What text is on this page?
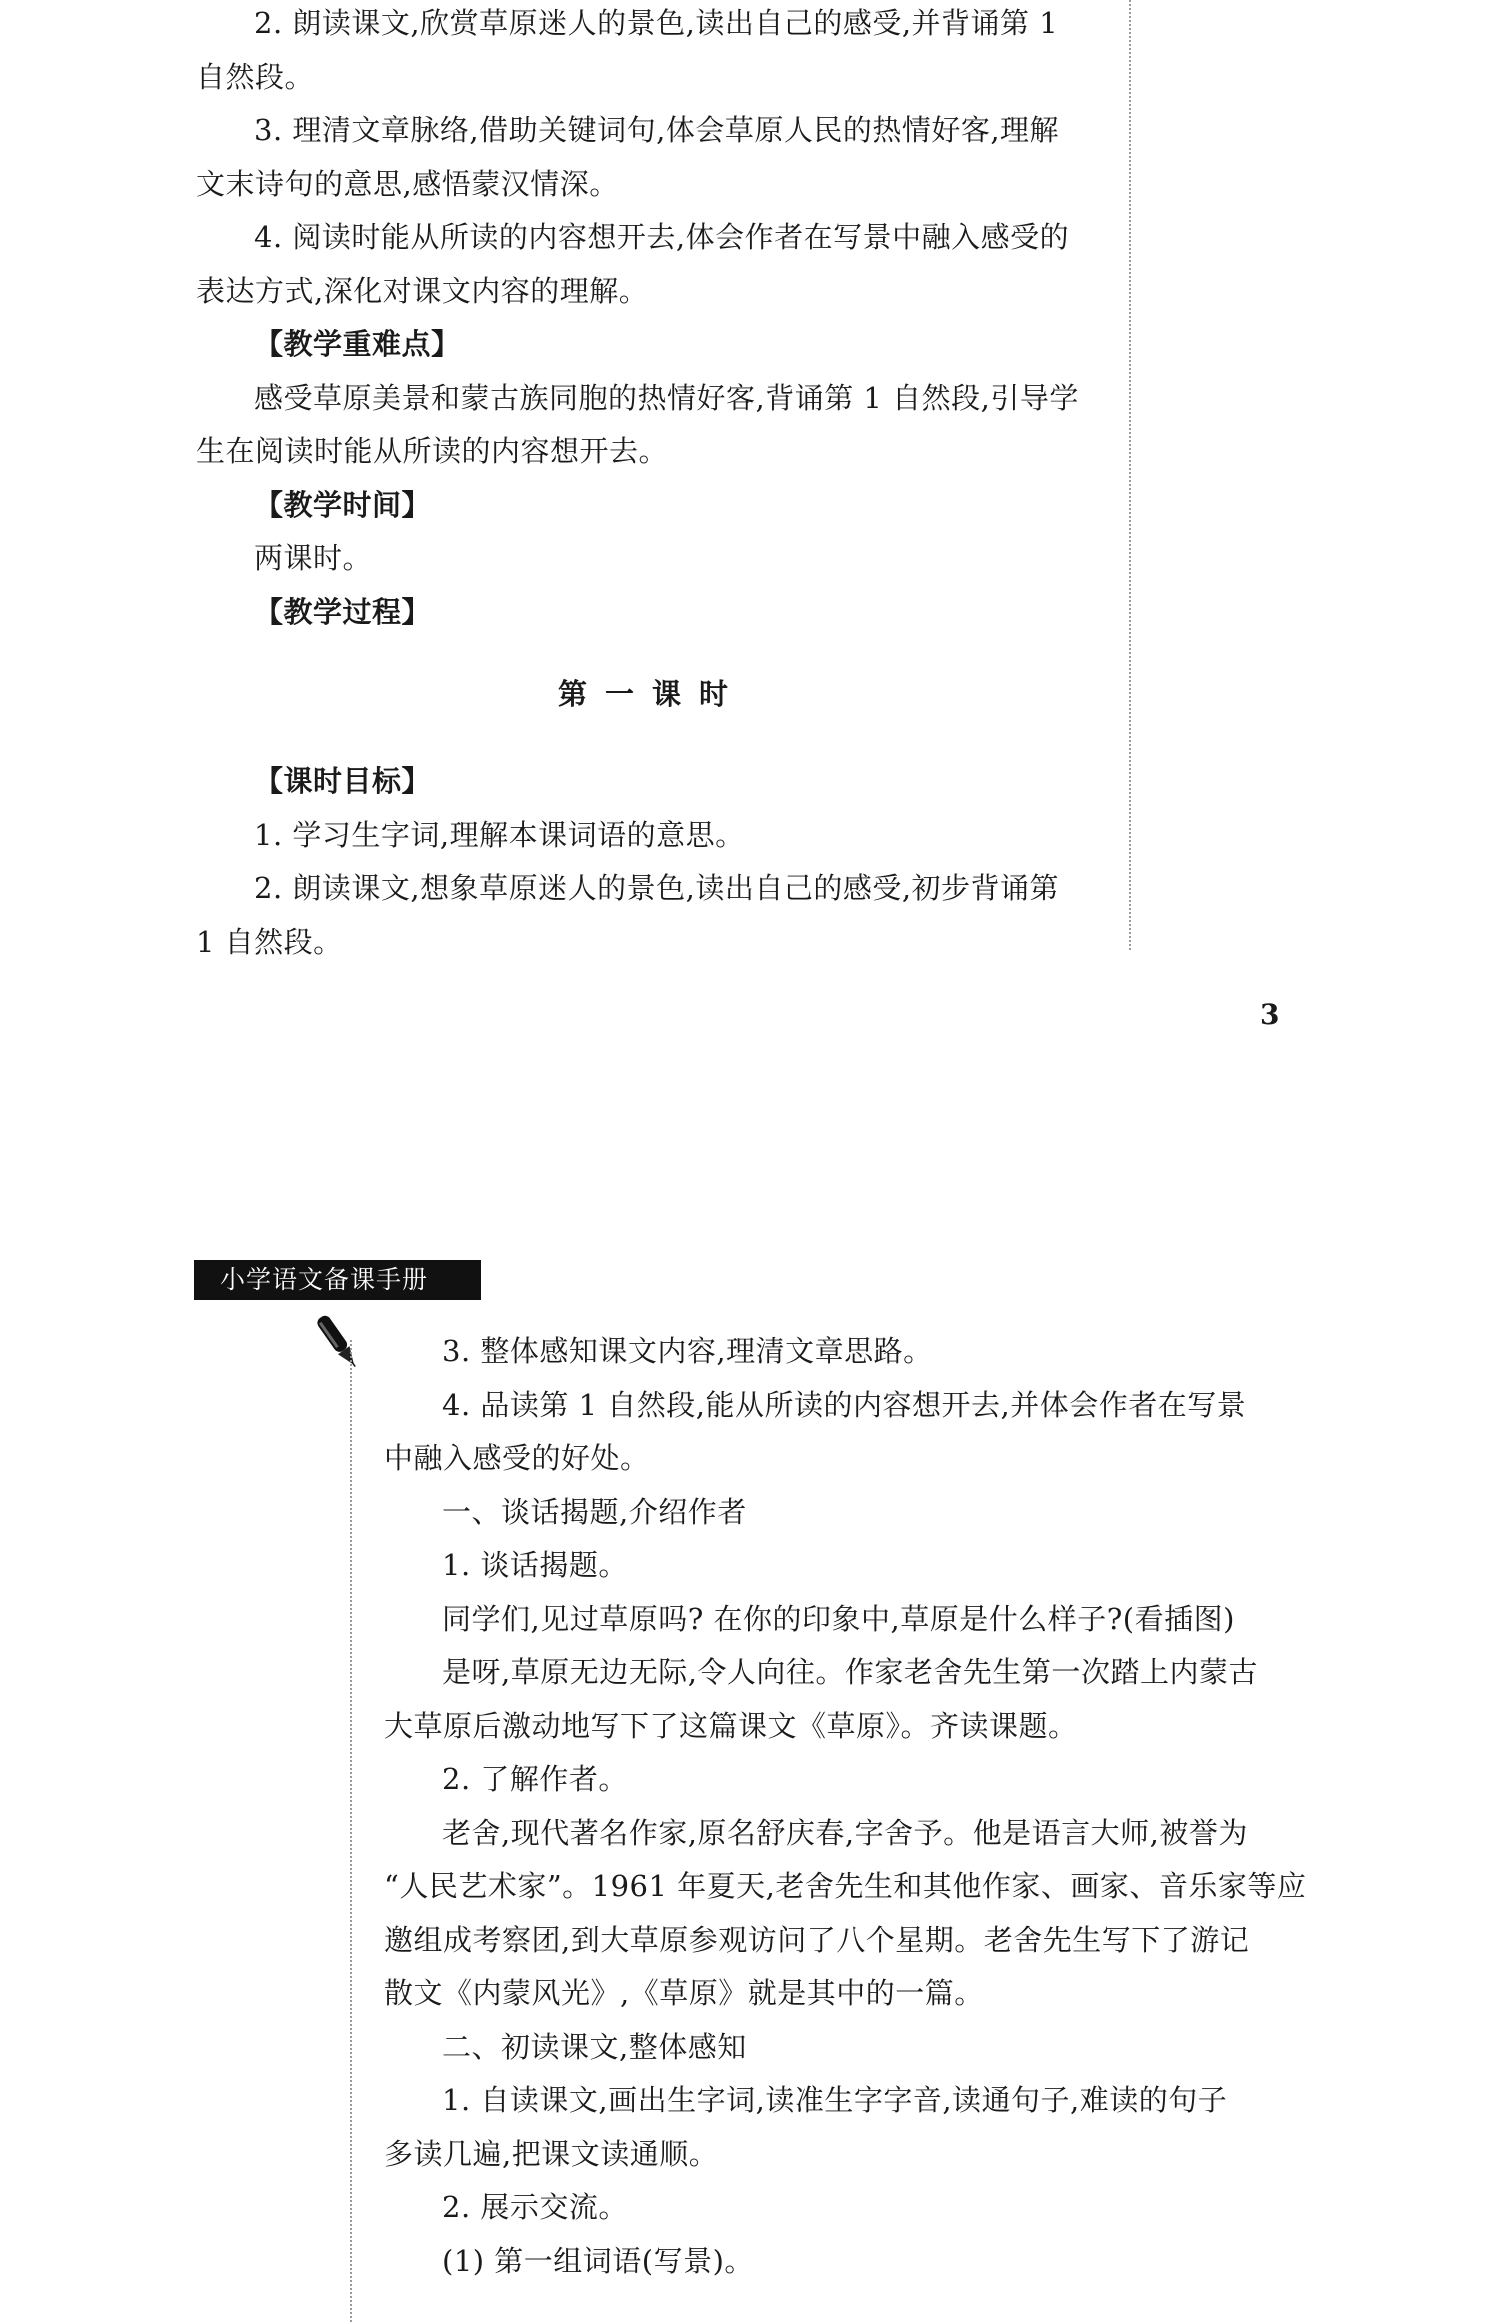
2. 朗读课文,欣赏草原迷人的景色,读出自己的感受,并背诵第 1
自然段。
3. 理清文章脉络,借助关键词句,体会草原人民的热情好客,理解
文末诗句的意思,感悟蒙汉情深。
4. 阅读时能从所读的内容想开去,体会作者在写景中融入感受的
表达方式,深化对课文内容的理解。
【教学重难点】
感受草原美景和蒙古族同胞的热情好客,背诵第 1 自然段,引导学
生在阅读时能从所读的内容想开去。
【教学时间】
两课时。
【教学过程】
第一课时
【课时目标】
1. 学习生字词,理解本课词语的意思。
2. 朗读课文,想象草原迷人的景色,读出自己的感受,初步背诵第
1 自然段。
3
小学语文备课手册
3. 整体感知课文内容,理清文章思路。
4. 品读第 1 自然段,能从所读的内容想开去,并体会作者在写景
中融入感受的好处。
一、谈话揭题,介绍作者
1. 谈话揭题。
同学们,见过草原吗? 在你的印象中,草原是什么样子?(看插图)
是呀,草原无边无际,令人向往。作家老舍先生第一次踏上内蒙古
大草原后激动地写下了这篇课文《草原》。齐读课题。
2. 了解作者。
老舍,现代著名作家,原名舒庆春,字舍予。他是语言大师,被誉为
“人民艺术家”。1961 年夏天,老舍先生和其他作家、画家、音乐家等应
邀组成考察团,到大草原参观访问了八个星期。老舍先生写下了游记
散文《内蒙风光》,《草原》就是其中的一篇。
二、初读课文,整体感知
1. 自读课文,画出生字词,读准生字字音,读通句子,难读的句子
多读几遍,把课文读通顺。
2. 展示交流。
(1) 第一组词语(写景)。
